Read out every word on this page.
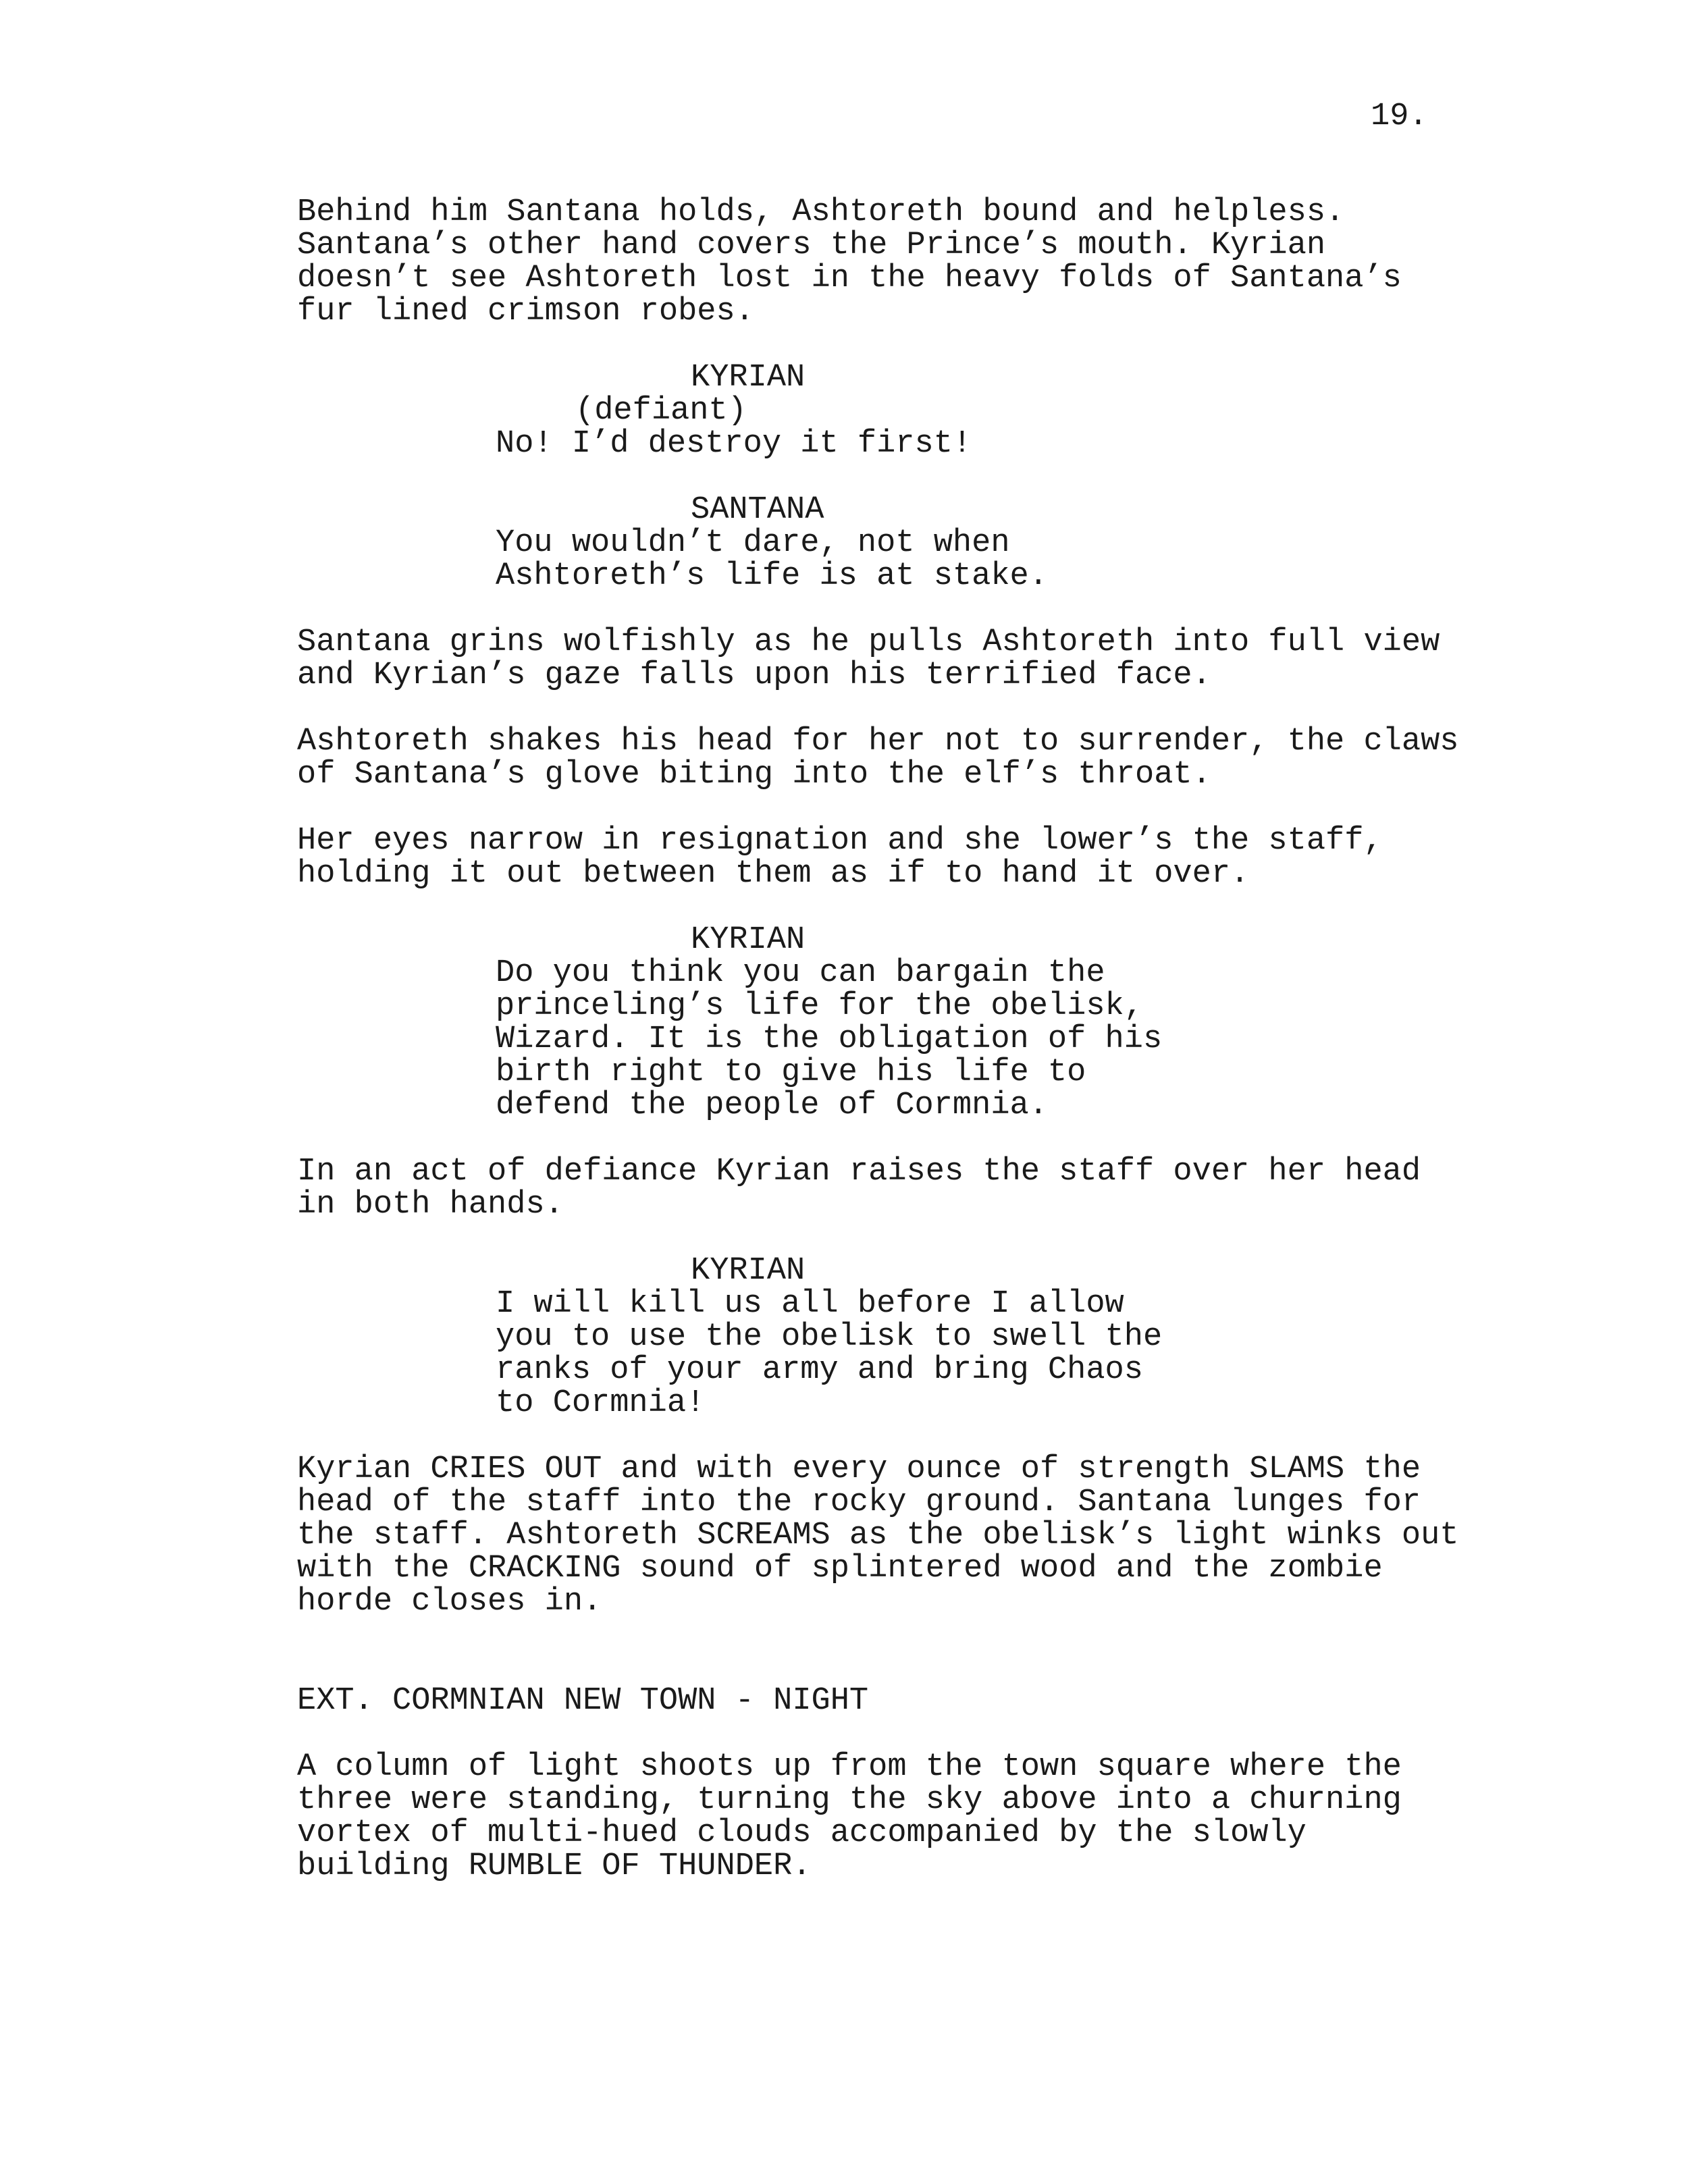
19.
Behind him Santana holds, Ashtoreth bound and helpless.
Santana’s other hand covers the Prince’s mouth. Kyrian
doesn’t see Ashtoreth lost in the heavy folds of Santana’s
fur lined crimson robes.
KYRIAN
(defiant)
No! I’d destroy it first!
SANTANA
You wouldn’t dare, not when
Ashtoreth’s life is at stake.
Santana grins wolfishly as he pulls Ashtoreth into full view
and Kyrian’s gaze falls upon his terrified face.
Ashtoreth shakes his head for her not to surrender, the claws
of Santana’s glove biting into the elf’s throat.
Her eyes narrow in resignation and she lower’s the staff,
holding it out between them as if to hand it over.
KYRIAN
Do you think you can bargain the
princeling’s life for the obelisk,
Wizard. It is the obligation of his
birth right to give his life to
defend the people of Cormnia.
In an act of defiance Kyrian raises the staff over her head
in both hands.
KYRIAN
I will kill us all before I allow
you to use the obelisk to swell the
ranks of your army and bring Chaos
to Cormnia!
Kyrian CRIES OUT and with every ounce of strength SLAMS the
head of the staff into the rocky ground. Santana lunges for
the staff. Ashtoreth SCREAMS as the obelisk’s light winks out
with the CRACKING sound of splintered wood and the zombie
horde closes in.
EXT. CORMNIAN NEW TOWN - NIGHT
A column of light shoots up from the town square where the
three were standing, turning the sky above into a churning
vortex of multi-hued clouds accompanied by the slowly
building RUMBLE OF THUNDER.
